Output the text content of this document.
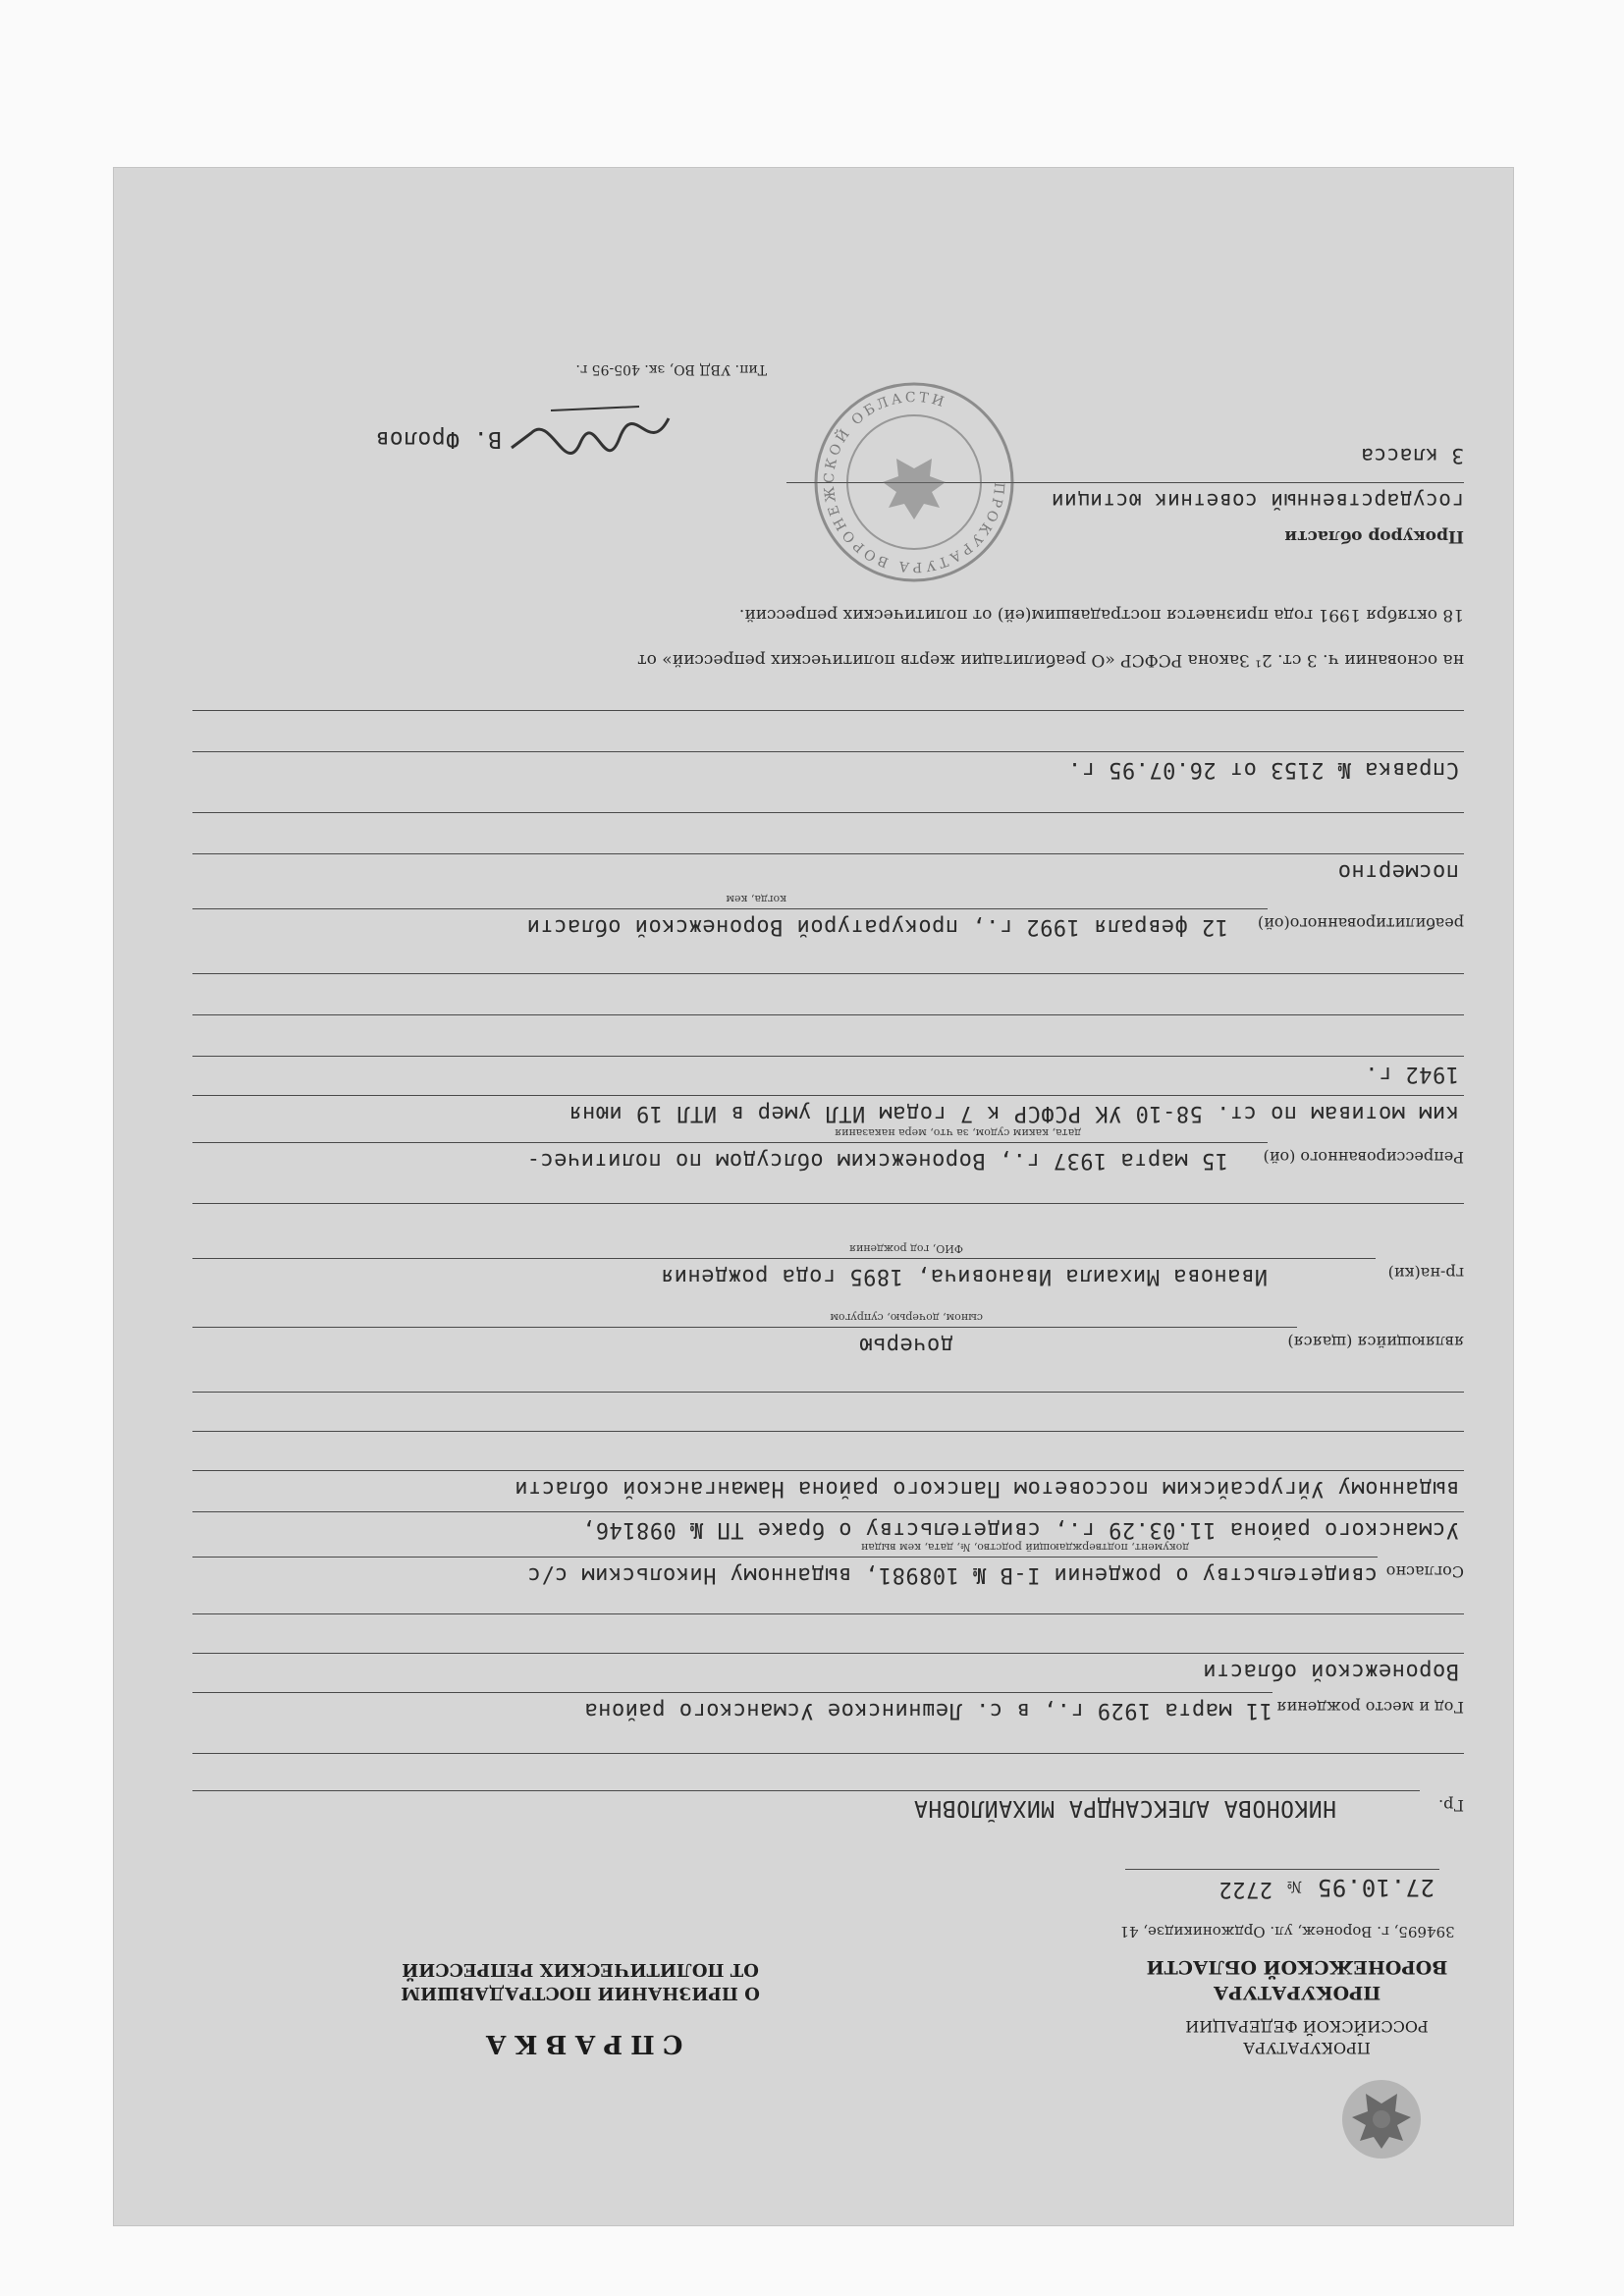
ПРОКУРАТУРА
РОССИЙСКОЙ ФЕДЕРАЦИИ
ПРОКУРАТУРА
ВОРОНЕЖСКОЙ ОБЛАСТИ
394695, г. Воронеж, ул. Орджоникидзе, 41
27.10.95
№
2722
СПРАВКА
О ПРИЗНАНИИ ПОСТРАДАВШИМ
ОТ ПОЛИТИЧЕСКИХ РЕПРЕССИЙ
Гр.
НИКОНОВА АЛЕКСАНДРА МИХАЙЛОВНА
Год и место рождения
11 марта 1929 г., в с. Лешнинское Усманского района
Воронежской области
Согласно
свидетельству о рождении I-В № 108981, выданному Никольским с/с
документ, подтверждающий родство, №, дата, кем выдан
Усманского района 11.03.29 г., свидетельству о браке ТП № 098146,
выданному Уйгурсайским поссоветом Папского района Наманганской области
являющийся (щаяся)
дочерью
сыном, дочерью, супругом
гр-на(ки)
Иванова Михаила Ивановича, 1895 года рождения
ФИО, год рождения
Репрессированного (ой)
15 марта 1937 г., Воронежским облсудом по политичес-
дата, каким судом, за что, мера наказания
ким мотивам по ст. 58-10 УК РСФСР к 7 годам ИТЛ умер в ИТЛ 19 июня
1942 г.
реабилитированного(ой)
12 февраля 1992 г., прокуратурой Воронежской области
когда, кем
посмертно
Справка № 2153 от 26.07.95 г.
на основании ч. 3 ст. 2¹ Закона РСФСР «О реабилитации жертв политических репрессий» от
18 октября 1991 года признается пострадавшим(ей) от политических репрессий.
Прокурор области
государственный советник юстиции
3 класса
ПРОКУРАТУРА ВОРОНЕЖСКОЙ ОБЛАСТИ
В. Фролов
Тип. УВД ВО, зк. 405-95 г.
